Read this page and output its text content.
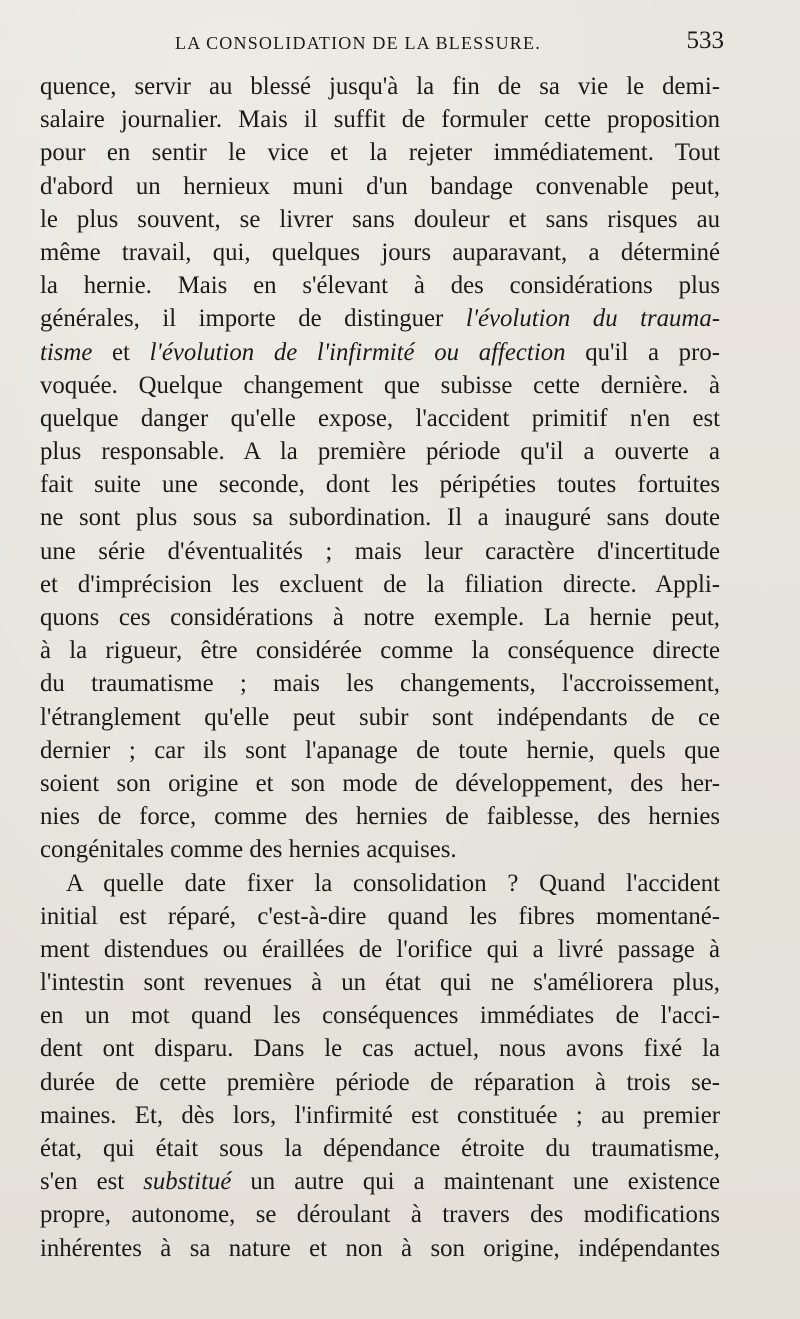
LA CONSOLIDATION DE LA BLESSURE.	533
quence, servir au blessé jusqu'à la fin de sa vie le demi-
salaire journalier. Mais il suffit de formuler cette proposition
pour en sentir le vice et la rejeter immédiatement. Tout
d'abord un hernieux muni d'un bandage convenable peut,
le plus souvent, se livrer sans douleur et sans risques au
même travail, qui, quelques jours auparavant, a déterminé
la hernie. Mais en s'élevant à des considérations plus
générales, il importe de distinguer l'évolution du trauma-
tisme et l'évolution de l'infirmité ou affection qu'il a pro-
voquée. Quelque changement que subisse cette dernière. à
quelque danger qu'elle expose, l'accident primitif n'en est
plus responsable. A la première période qu'il a ouverte a
fait suite une seconde, dont les péripéties toutes fortuites
ne sont plus sous sa subordination. Il a inauguré sans doute
une série d'éventualités ; mais leur caractère d'incertitude
et d'imprécision les excluent de la filiation directe. Appli-
quons ces considérations à notre exemple. La hernie peut,
à la rigueur, être considérée comme la conséquence directe
du traumatisme ; mais les changements, l'accroissement,
l'étranglement qu'elle peut subir sont indépendants de ce
dernier ; car ils sont l'apanage de toute hernie, quels que
soient son origine et son mode de développement, des her-
nies de force, comme des hernies de faiblesse, des hernies
congénitales comme des hernies acquises.
A quelle date fixer la consolidation ? Quand l'accident
initial est réparé, c'est-à-dire quand les fibres momentané-
ment distendues ou éraillées de l'orifice qui a livré passage à
l'intestin sont revenues à un état qui ne s'améliorera plus,
en un mot quand les conséquences immédiates de l'acci-
dent ont disparu. Dans le cas actuel, nous avons fixé la
durée de cette première période de réparation à trois se-
maines. Et, dès lors, l'infirmité est constituée ; au premier
état, qui était sous la dépendance étroite du traumatisme,
s'en est substitué un autre qui a maintenant une existence
propre, autonome, se déroulant à travers des modifications
inhérentes à sa nature et non à son origine, indépendantes
